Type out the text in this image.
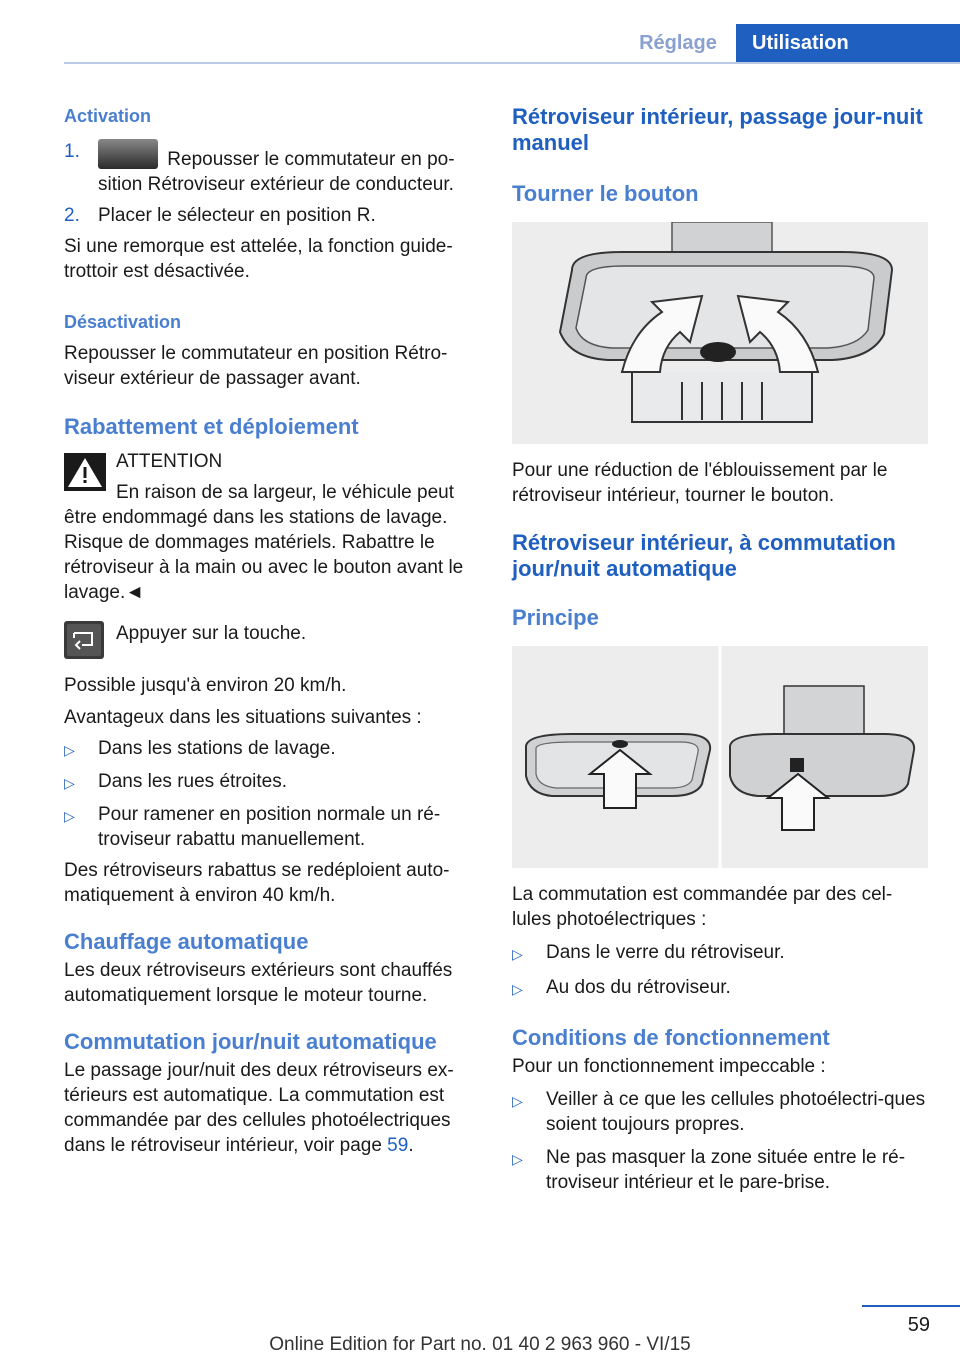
Réglage	Utilisation

Activation

1.	Repousser le commutateur en po-sition Rétroviseur extérieur de conducteur.
2. Placer le sélecteur en position R.

Si une remorque est attelée, la fonction guide-trottoir est désactivée.

Désactivation

Repousser le commutateur en position Rétro-viseur extérieur de passager avant.

Rabattement et déploiement

ATTENTION

En raison de sa largeur, le véhicule peut

être endommagé dans les stations de lavage. Risque de dommages matériels. Rabattre le rétroviseur à la main ou avec le bouton avant le lavage.◄

Appuyer sur la touche.

Possible jusqu'à environ 20 km/h.

Avantageux dans les situations suivantes :

▷	Dans les stations de lavage.
▷	Dans les rues étroites.
▷	Pour ramener en position normale un ré-troviseur rabattu manuellement.

Des rétroviseurs rabattus se redéploient auto-matiquement à environ 40 km/h.

Chauffage automatique

Les deux rétroviseurs extérieurs sont chauffés automatiquement lorsque le moteur tourne.

Commutation jour/nuit automatique

Le passage jour/nuit des deux rétroviseurs ex-térieurs est automatique. La commutation est commandée par des cellules photoélectriques dans le rétroviseur intérieur, voir page 59.

Rétroviseur intérieur, passage jour-nuit manuel

Tourner le bouton

Pour une réduction de l'éblouissement par le rétroviseur intérieur, tourner le bouton.

Rétroviseur intérieur, à commutation jour/nuit automatique

Principe

La commutation est commandée par des cel-lules photoélectriques :

▷	Dans le verre du rétroviseur.
▷	Au dos du rétroviseur.

Conditions de fonctionnement

Pour un fonctionnement impeccable :

▷	Veiller à ce que les cellules photoélectri-ques soient toujours propres.
▷	Ne pas masquer la zone située entre le ré-troviseur intérieur et le pare-brise.
59
Online Edition for Part no. 01 40 2 963 960 - VI/15
